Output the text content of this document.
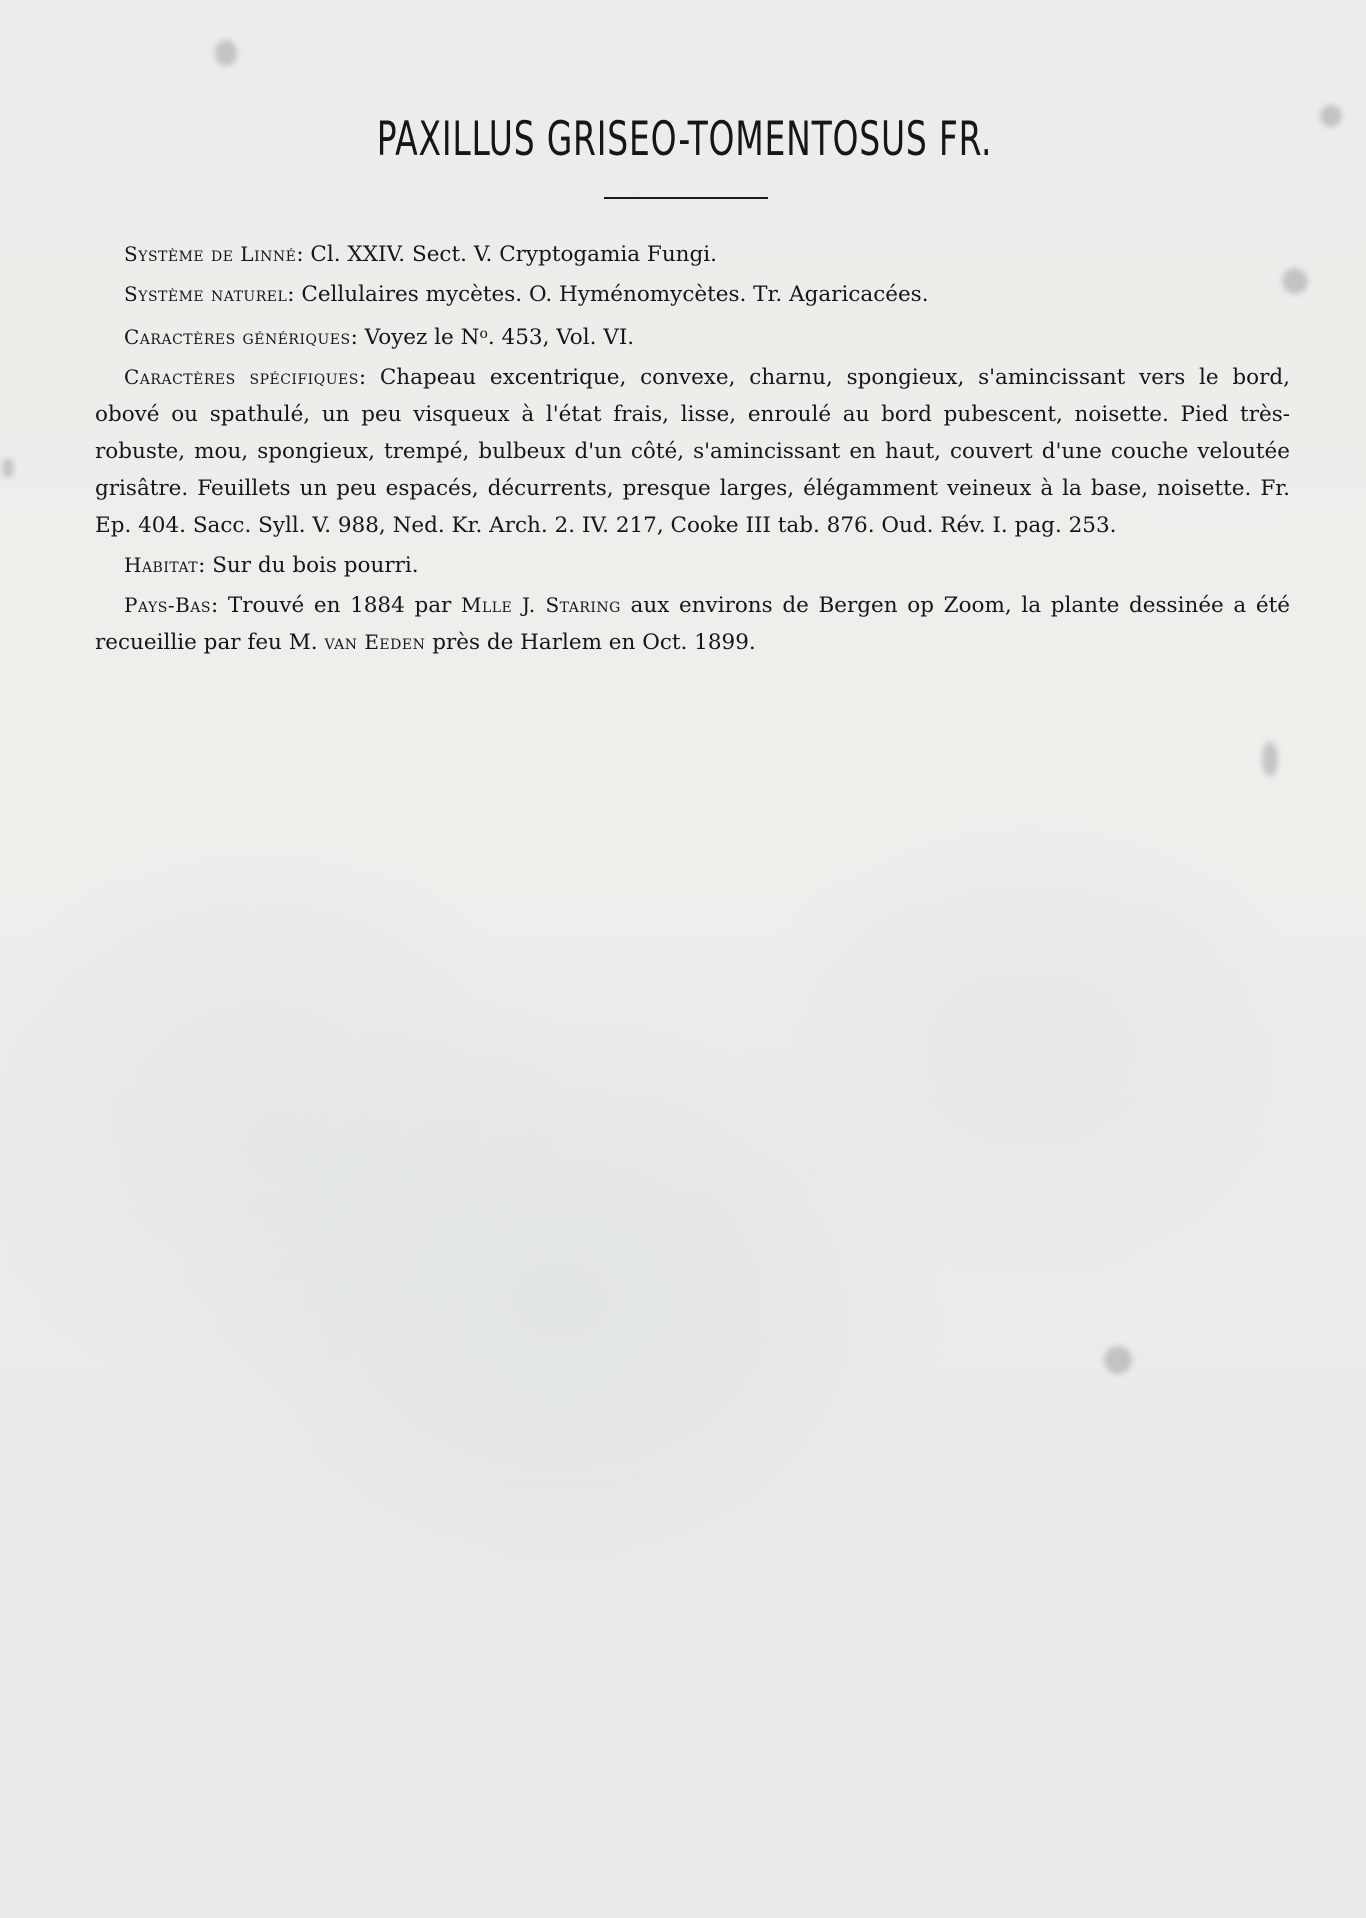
PAXILLUS GRISEO-TOMENTOSUS FR.

Système de Linné: Cl. XXIV. Sect. V. Cryptogamia Fungi.

Système naturel: Cellulaires mycètes. O. Hyménomycètes. Tr. Agaricacées.

Caractères génériques: Voyez le $N^o$. 453, Vol. VI.

Caractères spécifiques: Chapeau excentrique, convexe, charnu, spongieux, s'amincissant vers le bord, obové ou spathulé, un peu visqueux à l'état frais, lisse, enroulé au bord pubescent, noisette. Pied très-robuste, mou, spongieux, trempé, bulbeux d'un côté, s'amincissant en haut, couvert d'une couche veloutée grisâtre. Feuillets un peu espacés, décurrents, presque larges, élégamment veineux à la base, noisette. Fr. Ep. 404. Sacc. Syll. V. 988, Ned. Kr. Arch. 2. IV. 217, Cooke III tab. 876. Oud. Rév. I. pag. 253.

Habitat: Sur du bois pourri.

Pays-Bas: Trouvé en 1884 par Mlle J. Staring aux environs de Bergen op Zoom, la plante dessinée a été recueillie par feu M. van Eeden près de Harlem en Oct. 1899.
